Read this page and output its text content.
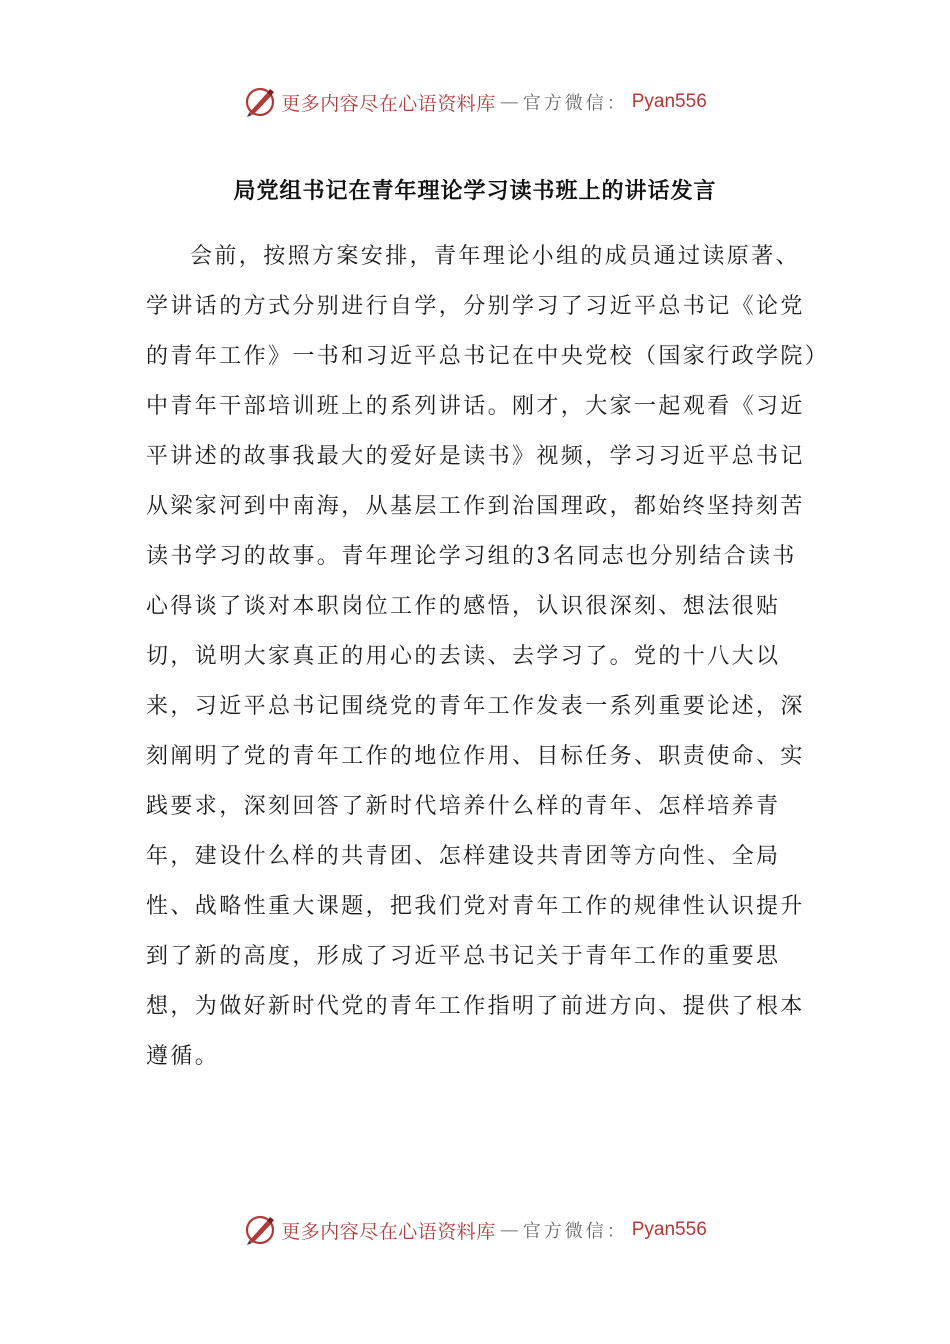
更多内容尽在心语资料库 — 官方微信： Pyan556
局党组书记在青年理论学习读书班上的讲话发言

会前，按照方案安排，青年理论小组的成员通过读原著、学讲话的方式分别进行自学，分别学习了习近平总书记《论党的青年工作》一书和习近平总书记在中央党校（国家行政学院）中青年干部培训班上的系列讲话。刚才，大家一起观看《习近平讲述的故事我最大的爱好是读书》视频，学习习近平总书记从梁家河到中南海，从基层工作到治国理政，都始终坚持刻苦读书学习的故事。青年理论学习组的3名同志也分别结合读书心得谈了谈对本职岗位工作的感悟，认识很深刻、想法很贴切，说明大家真正的用心的去读、去学习了。党的十八大以来，习近平总书记围绕党的青年工作发表一系列重要论述，深刻阐明了党的青年工作的地位作用、目标任务、职责使命、实践要求，深刻回答了新时代培养什么样的青年、怎样培养青年，建设什么样的共青团、怎样建设共青团等方向性、全局性、战略性重大课题，把我们党对青年工作的规律性认识提升到了新的高度，形成了习近平总书记关于青年工作的重要思想，为做好新时代党的青年工作指明了前进方向、提供了根本遵循。

更多内容尽在心语资料库 — 官方微信： Pyan556
